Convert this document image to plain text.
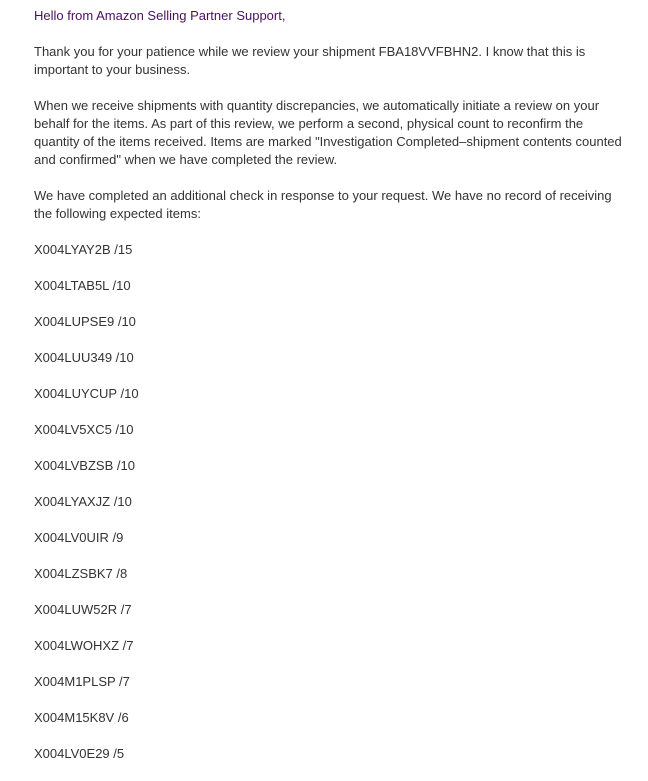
Hello from Amazon Selling Partner Support,

Thank you for your patience while we review your shipment FBA18VVFBHN2. I know that this is important to your business.

When we receive shipments with quantity discrepancies, we automatically initiate a review on your behalf for the items. As part of this review, we perform a second, physical count to reconfirm the quantity of the items received. Items are marked "Investigation Completed–shipment contents counted and confirmed" when we have completed the review.

We have completed an additional check in response to your request. We have no record of receiving the following expected items:

X004LYAY2B /15
X004LTAB5L /10
X004LUPSE9 /10
X004LUU349 /10
X004LUYCUP /10
X004LV5XC5 /10
X004LVBZSB /10
X004LYAXJZ /10
X004LV0UIR /9
X004LZSBK7 /8
X004LUW52R /7
X004LWOHXZ /7
X004M1PLSP /7
X004M15K8V /6
X004LV0E29 /5
